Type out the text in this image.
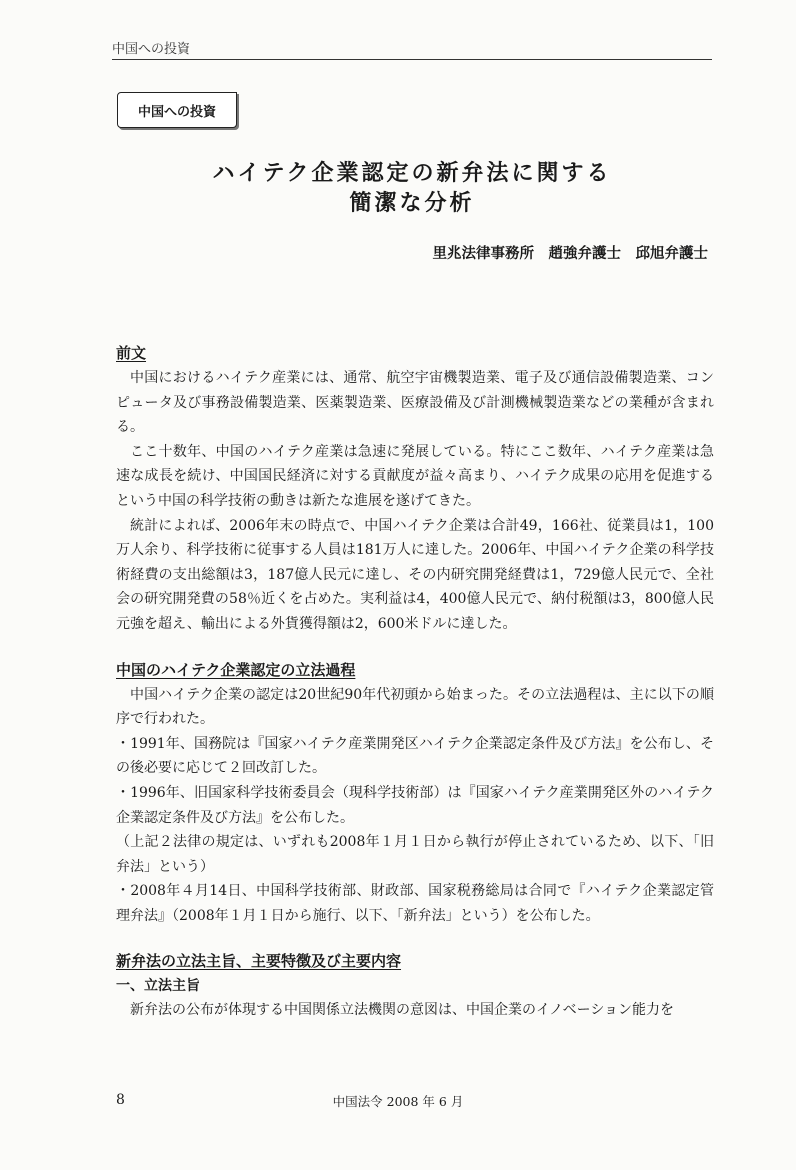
中国への投資
中国への投資
ハイテク企業認定の新弁法に関する
簡潔な分析
里兆法律事務所　趙強弁護士　邱旭弁護士

前文

中国におけるハイテク産業には、通常、航空宇宙機製造業、電子及び通信設備製造業、コンピュータ及び事務設備製造業、医薬製造業、医療設備及び計測機械製造業などの業種が含まれる。

ここ十数年、中国のハイテク産業は急速に発展している。特にここ数年、ハイテク産業は急速な成長を続け、中国国民経済に対する貢献度が益々高まり、ハイテク成果の応用を促進するという中国の科学技術の動きは新たな進展を遂げてきた。

統計によれば、2006年末の時点で、中国ハイテク企業は合計49，166社、従業員は1，100万人余り、科学技術に従事する人員は181万人に達した。2006年、中国ハイテク企業の科学技術経費の支出総額は3，187億人民元に達し、その内研究開発経費は1，729億人民元で、全社会の研究開発費の58％近くを占めた。実利益は4，400億人民元で、納付税額は3，800億人民元強を超え、輸出による外貨獲得額は2，600米ドルに達した。

中国のハイテク企業認定の立法過程

中国ハイテク企業の認定は20世紀90年代初頭から始まった。その立法過程は、主に以下の順序で行われた。

・1991年、国務院は『国家ハイテク産業開発区ハイテク企業認定条件及び方法』を公布し、その後必要に応じて２回改訂した。

・1996年、旧国家科学技術委員会（現科学技術部）は『国家ハイテク産業開発区外のハイテク企業認定条件及び方法』を公布した。

（上記２法律の規定は、いずれも2008年１月１日から執行が停止されているため、以下、「旧弁法」という）

・2008年４月14日、中国科学技術部、財政部、国家税務総局は合同で『ハイテク企業認定管理弁法』（2008年１月１日から施行、以下、「新弁法」という）を公布した。

新弁法の立法主旨、主要特徴及び主要内容

一、立法主旨

新弁法の公布が体現する中国関係立法機関の意図は、中国企業のイノベーション能力を

8	中国法令 2008 年 6 月
